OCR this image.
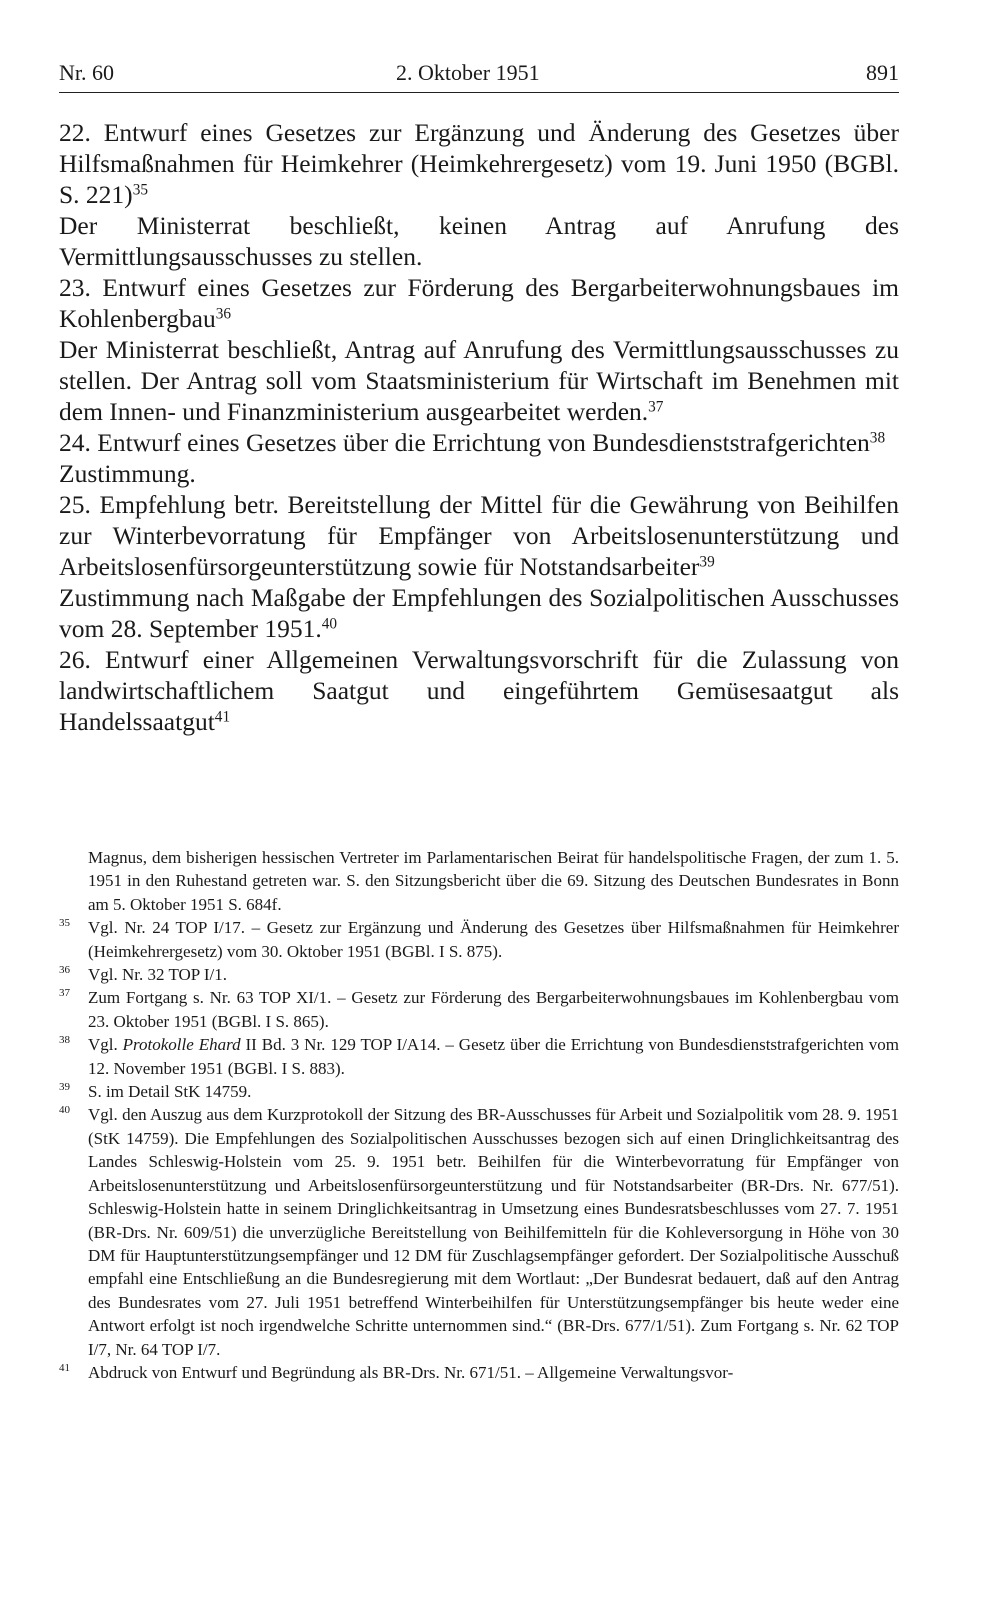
Nr. 60	2. Oktober 1951	891

22. Entwurf eines Gesetzes zur Ergänzung und Änderung des Gesetzes über Hilfsmaßnahmen für Heimkehrer (Heimkehrergesetz) vom 19. Juni 1950 (BGBl. S. 221)$^{35}$

Der Ministerrat beschließt, keinen Antrag auf Anrufung des Vermittlungsausschusses zu stellen.

23. Entwurf eines Gesetzes zur Förderung des Bergarbeiterwohnungsbaues im Kohlenbergbau$^{36}$

Der Ministerrat beschließt, Antrag auf Anrufung des Vermittlungsausschusses zu stellen. Der Antrag soll vom Staatsministerium für Wirtschaft im Benehmen mit dem Innen- und Finanzministerium ausgearbeitet werden.$^{37}$

24. Entwurf eines Gesetzes über die Errichtung von Bundesdienststrafgerichten$^{38}$

Zustimmung.

25. Empfehlung betr. Bereitstellung der Mittel für die Gewährung von Beihilfen zur Winterbevorratung für Empfänger von Arbeitslosenunterstützung und Arbeitslosenfürsorgeunterstützung sowie für Notstandsarbeiter$^{39}$

Zustimmung nach Maßgabe der Empfehlungen des Sozialpolitischen Ausschusses vom 28. September 1951.40

26. Entwurf einer Allgemeinen Verwaltungsvorschrift für die Zulassung von landwirtschaftlichem Saatgut und eingeführtem Gemüsesaatgut als Handelssaatgut$^{41}$

Magnus, dem bisherigen hessischen Vertreter im Parlamentarischen Beirat für handelspolitische Fragen, der zum 1. 5. 1951 in den Ruhestand getreten war. S. den Sitzungsbericht über die 69. Sitzung des Deutschen Bundesrates in Bonn am 5. Oktober 1951 S. 684f.

35 Vgl. Nr. 24 TOP I/17. – Gesetz zur Ergänzung und Änderung des Gesetzes über Hilfsmaßnahmen für Heimkehrer (Heimkehrergesetz) vom 30. Oktober 1951 (BGBl. I S. 875).

36 Vgl. Nr. 32 TOP I/1.

37 Zum Fortgang s. Nr. 63 TOP XI/1. – Gesetz zur Förderung des Bergarbeiterwohnungsbaues im Kohlenbergbau vom 23. Oktober 1951 (BGBl. I S. 865).

38 Vgl. Protokolle Ehard II Bd. 3 Nr. 129 TOP I/A14. – Gesetz über die Errichtung von Bundesdienststrafgerichten vom 12. November 1951 (BGBl. I S. 883).

39 S. im Detail StK 14759.

40 Vgl. den Auszug aus dem Kurzprotokoll der Sitzung des BR-Ausschusses für Arbeit und Sozialpolitik vom 28. 9. 1951 (StK 14759). Die Empfehlungen des Sozialpolitischen Ausschusses bezogen sich auf einen Dringlichkeitsantrag des Landes Schleswig-Holstein vom 25. 9. 1951 betr. Beihilfen für die Winterbevorratung für Empfänger von Arbeitslosenunterstützung und Arbeitslosenfürsorgeunterstützung und für Notstandsarbeiter (BR-Drs. Nr. 677/51). Schleswig-Holstein hatte in seinem Dringlichkeitsantrag in Umsetzung eines Bundesratsbeschlusses vom 27. 7. 1951 (BR-Drs. Nr. 609/51) die unverzügliche Bereitstellung von Beihilfemitteln für die Kohleversorgung in Höhe von 30 DM für Hauptunterstützungsempfänger und 12 DM für Zuschlagsempfänger gefordert. Der Sozialpolitische Ausschuß empfahl eine Entschließung an die Bundesregierung mit dem Wortlaut: „Der Bundesrat bedauert, daß auf den Antrag des Bundesrates vom 27. Juli 1951 betreffend Winterbeihilfen für Unterstützungsempfänger bis heute weder eine Antwort erfolgt ist noch irgendwelche Schritte unternommen sind.“ (BR-Drs. 677/1/51). Zum Fortgang s. Nr. 62 TOP I/7, Nr. 64 TOP I/7.

41 Abdruck von Entwurf und Begründung als BR-Drs. Nr. 671/51. – Allgemeine Verwaltungsvor-
